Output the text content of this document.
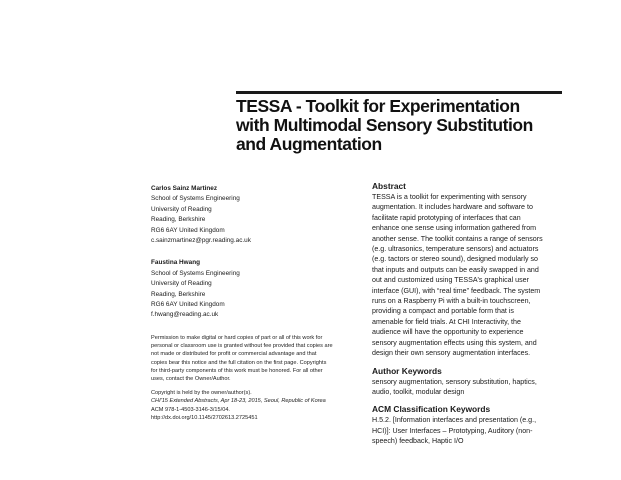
TESSA - Toolkit for Experimentation
with Multimodal Sensory Substitution
and Augmentation
Carlos Sainz Martinez
School of Systems Engineering
University of Reading
Reading, Berkshire
RG6 6AY United Kingdom
c.sainzmartinez@pgr.reading.ac.uk
Faustina Hwang
School of Systems Engineering
University of Reading
Reading, Berkshire
RG6 6AY United Kingdom
f.hwang@reading.ac.uk
Permission to make digital or hard copies of part or all of this work for
personal or classroom use is granted without fee provided that copies are
not made or distributed for profit or commercial advantage and that
copies bear this notice and the full citation on the first page. Copyrights
for third-party components of this work must be honored. For all other
uses, contact the Owner/Author.
Copyright is held by the owner/author(s).
CHI'15 Extended Abstracts, Apr 18-23, 2015, Seoul, Republic of Korea
ACM 978-1-4503-3146-3/15/04.
http://dx.doi.org/10.1145/2702613.2725451
Abstract
TESSA is a toolkit for experimenting with sensory
augmentation. It includes hardware and software to
facilitate rapid prototyping of interfaces that can
enhance one sense using information gathered from
another sense. The toolkit contains a range of sensors
(e.g. ultrasonics, temperature sensors) and actuators
(e.g. tactors or stereo sound), designed modularly so
that inputs and outputs can be easily swapped in and
out and customized using TESSA's graphical user
interface (GUI), with “real time” feedback. The system
runs on a Raspberry Pi with a built-in touchscreen,
providing a compact and portable form that is
amenable for field trials. At CHI Interactivity, the
audience will have the opportunity to experience
sensory augmentation effects using this system, and
design their own sensory augmentation interfaces.
Author Keywords
sensory augmentation, sensory substitution, haptics,
audio, toolkit, modular design
ACM Classification Keywords
H.5.2. [Information interfaces and presentation (e.g.,
HCI)]: User Interfaces – Prototyping, Auditory (non-
speech) feedback, Haptic I/O
